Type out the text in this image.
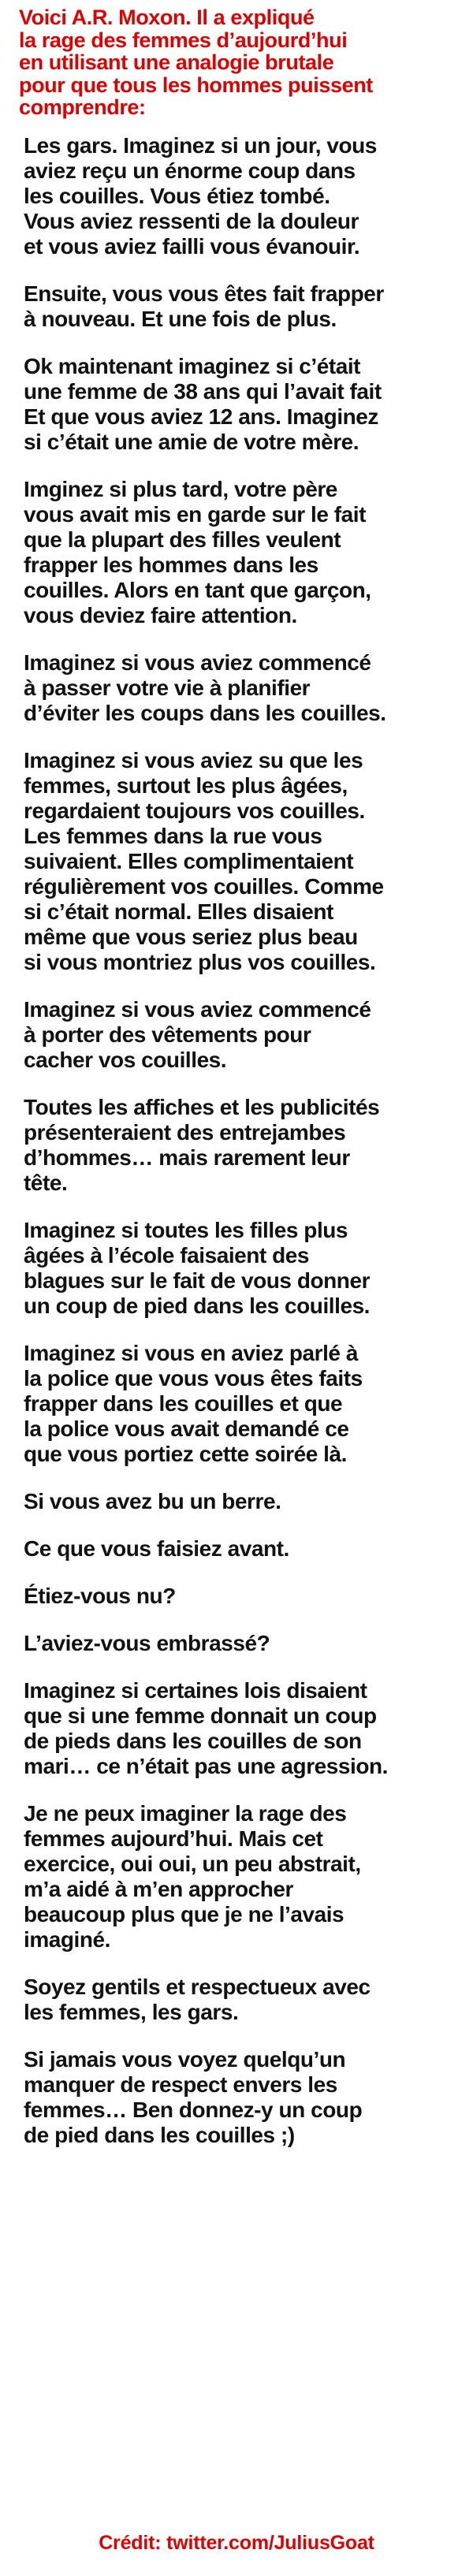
Voici A.R. Moxon. Il a expliqué
la rage des femmes d’aujourd’hui
en utilisant une analogie brutale
pour que tous les hommes puissent
comprendre:

Les gars. Imaginez si un jour, vous
aviez reçu un énorme coup dans
les couilles. Vous étiez tombé.
Vous aviez ressenti de la douleur
et vous aviez failli vous évanouir.

Ensuite, vous vous êtes fait frapper
à nouveau. Et une fois de plus.

Ok maintenant imaginez si c’était
une femme de 38 ans qui l’avait fait
Et que vous aviez 12 ans. Imaginez
si c’était une amie de votre mère.

Imginez si plus tard, votre père
vous avait mis en garde sur le fait
que la plupart des filles veulent
frapper les hommes dans les
couilles. Alors en tant que garçon,
vous deviez faire attention.

Imaginez si vous aviez commencé
à passer votre vie à planifier
d’éviter les coups dans les couilles.

Imaginez si vous aviez su que les
femmes, surtout les plus âgées,
regardaient toujours vos couilles.
Les femmes dans la rue vous
suivaient. Elles complimentaient
régulièrement vos couilles. Comme
si c’était normal. Elles disaient
même que vous seriez plus beau
si vous montriez plus vos couilles.

Imaginez si vous aviez commencé
à porter des vêtements pour
cacher vos couilles.

Toutes les affiches et les publicités
présenteraient des entrejambes
d’hommes… mais rarement leur
tête.

Imaginez si toutes les filles plus
âgées à l’école faisaient des
blagues sur le fait de vous donner
un coup de pied dans les couilles.

Imaginez si vous en aviez parlé à
la police que vous vous êtes faits
frapper dans les couilles et que
la police vous avait demandé ce
que vous portiez cette soirée là.

Si vous avez bu un berre.

Ce que vous faisiez avant.

Étiez-vous nu?

L’aviez-vous embrassé?

Imaginez si certaines lois disaient
que si une femme donnait un coup
de pieds dans les couilles de son
mari… ce n’était pas une agression.

Je ne peux imaginer la rage des
femmes aujourd’hui. Mais cet
exercice, oui oui, un peu abstrait,
m’a aidé à m’en approcher
beaucoup plus que je ne l’avais
imaginé.

Soyez gentils et respectueux avec
les femmes, les gars.

Si jamais vous voyez quelqu’un
manquer de respect envers les
femmes… Ben donnez-y un coup
de pied dans les couilles ;)

Crédit: twitter.com/JuliusGoat
